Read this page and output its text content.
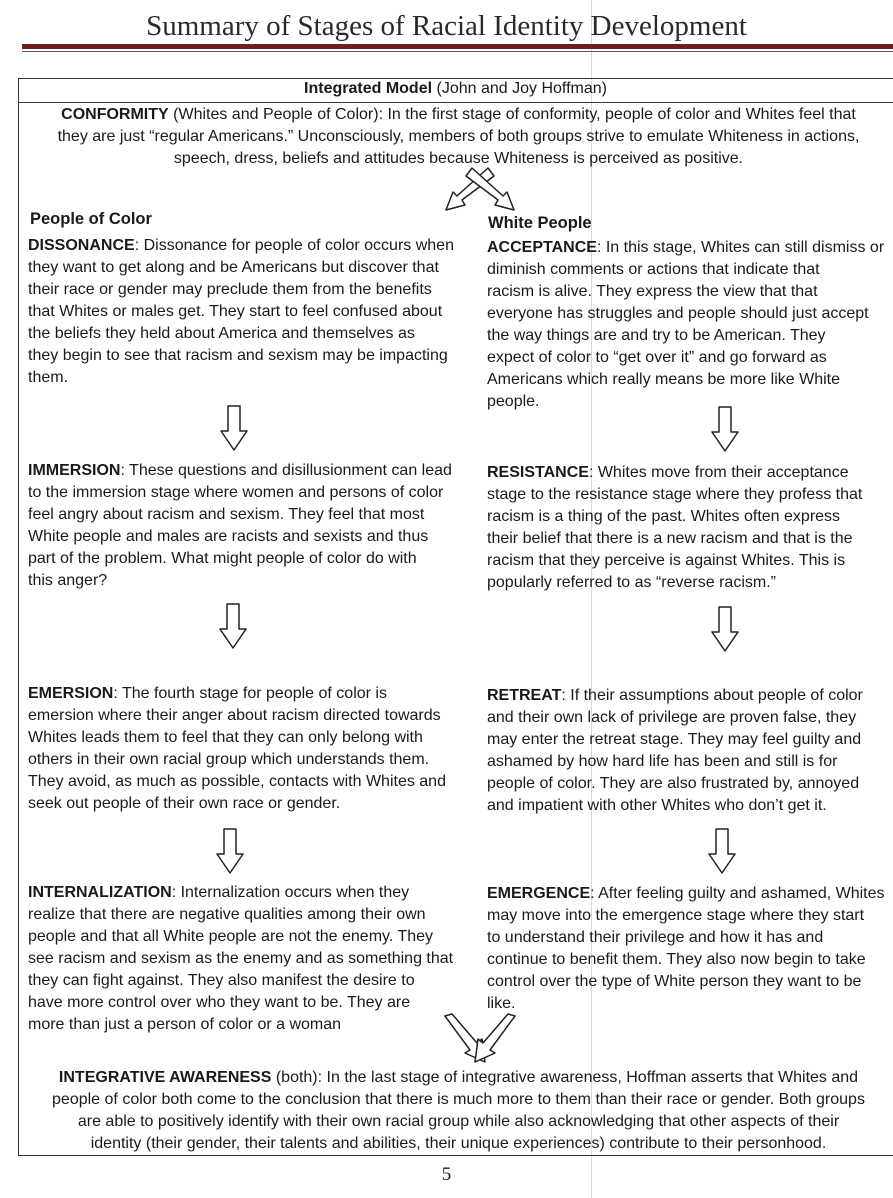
Summary of Stages of Racial Identity Development
Integrated Model (John and Joy Hoffman)
CONFORMITY (Whites and People of Color): In the first stage of conformity, people of color and Whites feel that
they are just “regular Americans.” Unconsciously, members of both groups strive to emulate Whiteness in actions,
speech, dress, beliefs and attitudes because Whiteness is perceived as positive.
People of Color
DISSONANCE: Dissonance for people of color occurs when
they want to get along and be Americans but discover that
their race or gender may preclude them from the benefits
that Whites or males get. They start to feel confused about
the beliefs they held about America and themselves as
they begin to see that racism and sexism may be impacting
them.
IMMERSION: These questions and disillusionment can lead
to the immersion stage where women and persons of color
feel angry about racism and sexism. They feel that most
White people and males are racists and sexists and thus
part of the problem. What might people of color do with
this anger?
EMERSION: The fourth stage for people of color is
emersion where their anger about racism directed towards
Whites leads them to feel that they can only belong with
others in their own racial group which understands them.
They avoid, as much as possible, contacts with Whites and
seek out people of their own race or gender.
INTERNALIZATION: Internalization occurs when they
realize that there are negative qualities among their own
people and that all White people are not the enemy. They
see racism and sexism as the enemy and as something that
they can fight against. They also manifest the desire to
have more control over who they want to be. They are
more than just a person of color or a woman
White People
ACCEPTANCE: In this stage, Whites can still dismiss or
diminish comments or actions that indicate that
racism is alive. They express the view that that
everyone has struggles and people should just accept
the way things are and try to be American. They
expect of color to “get over it” and go forward as
Americans which really means be more like White
people.
RESISTANCE: Whites move from their acceptance
stage to the resistance stage where they profess that
racism is a thing of the past. Whites often express
their belief that there is a new racism and that is the
racism that they perceive is against Whites. This is
popularly referred to as “reverse racism.”
RETREAT: If their assumptions about people of color
and their own lack of privilege are proven false, they
may enter the retreat stage. They may feel guilty and
ashamed by how hard life has been and still is for
people of color. They are also frustrated by, annoyed
and impatient with other Whites who don’t get it.
EMERGENCE: After feeling guilty and ashamed, Whites
may move into the emergence stage where they start
to understand their privilege and how it has and
continue to benefit them. They also now begin to take
control over the type of White person they want to be
like.
INTEGRATIVE AWARENESS (both): In the last stage of integrative awareness, Hoffman asserts that Whites and
people of color both come to the conclusion that there is much more to them than their race or gender. Both groups
are able to positively identify with their own racial group while also acknowledging that other aspects of their
identity (their gender, their talents and abilities, their unique experiences) contribute to their personhood.
5
